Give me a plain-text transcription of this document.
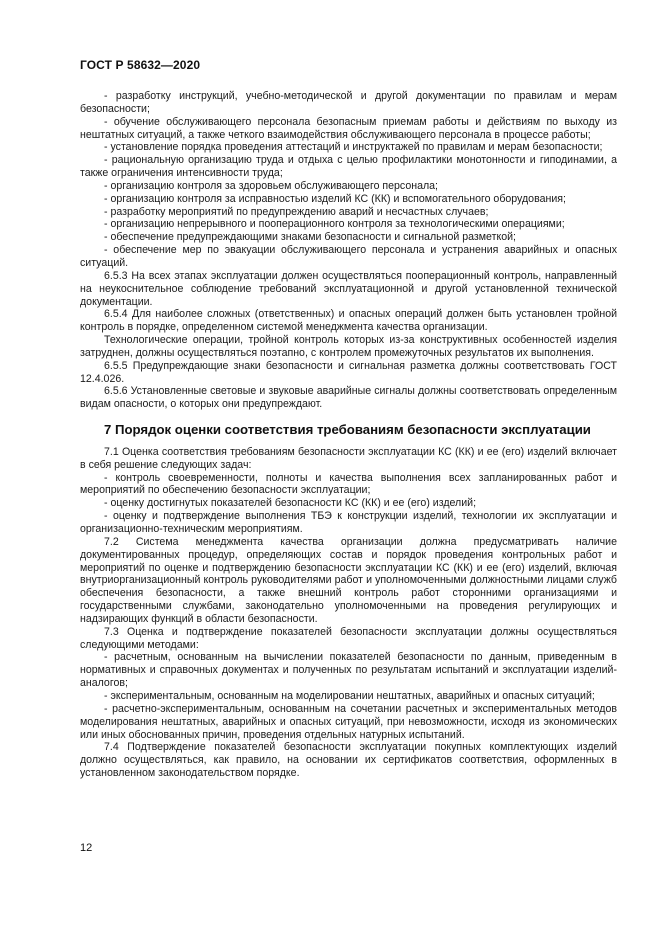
ГОСТ Р 58632—2020

- разработку инструкций, учебно-методической и другой документации по правилам и мерам безопасности;

- обучение обслуживающего персонала безопасным приемам работы и действиям по выходу из нештатных ситуаций, а также четкого взаимодействия обслуживающего персонала в процессе работы;

- установление порядка проведения аттестаций и инструктажей по правилам и мерам безопасности;

- рациональную организацию труда и отдыха с целью профилактики монотонности и гиподинамии, а также ограничения интенсивности труда;

- организацию контроля за здоровьем обслуживающего персонала;

- организацию контроля за исправностью изделий КС (КК) и вспомогательного оборудования;

- разработку мероприятий по предупреждению аварий и несчастных случаев;

- организацию непрерывного и пооперационного контроля за технологическими операциями;

- обеспечение предупреждающими знаками безопасности и сигнальной разметкой;

- обеспечение мер по эвакуации обслуживающего персонала и устранения аварийных и опасных ситуаций.

6.5.3 На всех этапах эксплуатации должен осуществляться пооперационный контроль, направленный на неукоснительное соблюдение требований эксплуатационной и другой установленной технической документации.

6.5.4 Для наиболее сложных (ответственных) и опасных операций должен быть установлен тройной контроль в порядке, определенном системой менеджмента качества организации.

Технологические операции, тройной контроль которых из-за конструктивных особенностей изделия затруднен, должны осуществляться поэтапно, с контролем промежуточных результатов их выполнения.

6.5.5 Предупреждающие знаки безопасности и сигнальная разметка должны соответствовать ГОСТ 12.4.026.

6.5.6 Установленные световые и звуковые аварийные сигналы должны соответствовать определенным видам опасности, о которых они предупреждают.

7 Порядок оценки соответствия требованиям безопасности эксплуатации

7.1 Оценка соответствия требованиям безопасности эксплуатации КС (КК) и ее (его) изделий включает в себя решение следующих задач:

- контроль своевременности, полноты и качества выполнения всех запланированных работ и мероприятий по обеспечению безопасности эксплуатации;

- оценку достигнутых показателей безопасности КС (КК) и ее (его) изделий;

- оценку и подтверждение выполнения ТБЭ к конструкции изделий, технологии их эксплуатации и организационно-техническим мероприятиям.

7.2 Система менеджмента качества организации должна предусматривать наличие документированных процедур, определяющих состав и порядок проведения контрольных работ и мероприятий по оценке и подтверждению безопасности эксплуатации КС (КК) и ее (его) изделий, включая внутриорганизационный контроль руководителями работ и уполномоченными должностными лицами служб обеспечения безопасности, а также внешний контроль работ сторонними организациями и государственными службами, законодательно уполномоченными на проведения регулирующих и надзирающих функций в области безопасности.

7.3 Оценка и подтверждение показателей безопасности эксплуатации должны осуществляться следующими методами:

- расчетным, основанным на вычислении показателей безопасности по данным, приведенным в нормативных и справочных документах и полученных по результатам испытаний и эксплуатации изделий-аналогов;

- экспериментальным, основанным на моделировании нештатных, аварийных и опасных ситуаций;

- расчетно-экспериментальным, основанным на сочетании расчетных и экспериментальных методов моделирования нештатных, аварийных и опасных ситуаций, при невозможности, исходя из экономических или иных обоснованных причин, проведения отдельных натурных испытаний.

7.4 Подтверждение показателей безопасности эксплуатации покупных комплектующих изделий должно осуществляться, как правило, на основании их сертификатов соответствия, оформленных в установленном законодательством порядке.

12
